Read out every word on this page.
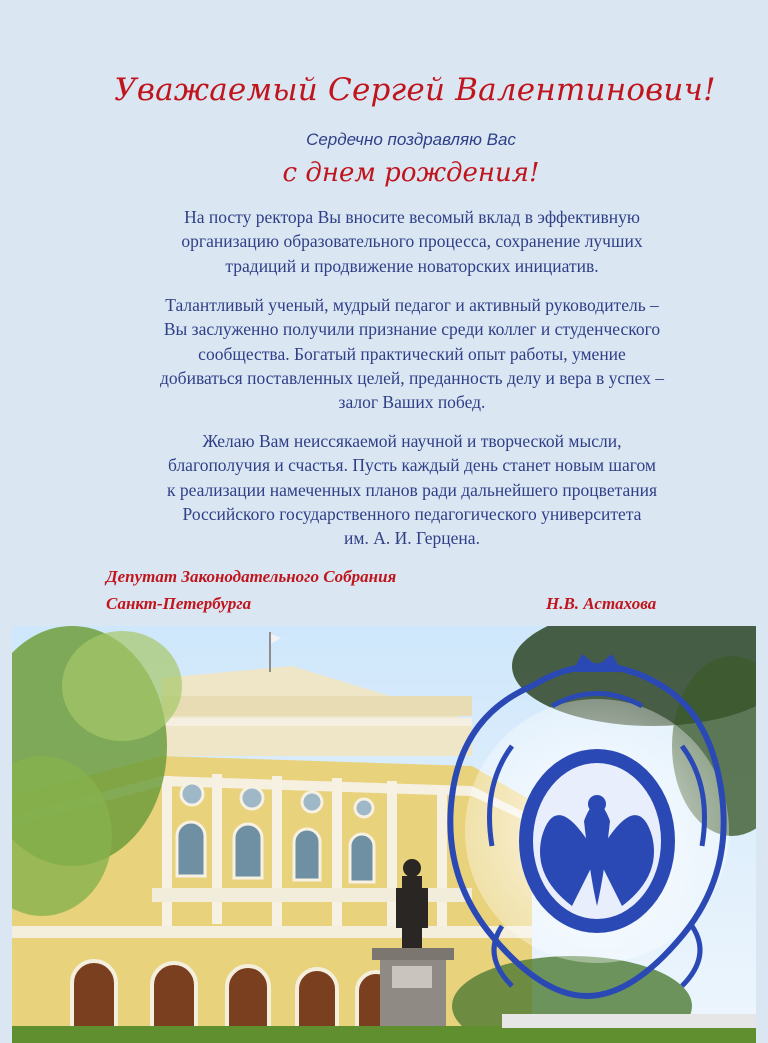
Уважаемый Сергей Валентинович!
Сердечно поздравляю Вас
с днем рождения!

На посту ректора Вы вносите весомый вклад в эффективную
организацию образовательного процесса, сохранение лучших
традиций и продвижение новаторских инициатив.

Талантливый ученый, мудрый педагог и активный руководитель –
Вы заслуженно получили признание среди коллег и студенческого
сообщества. Богатый практический опыт работы, умение
добиваться поставленных целей, преданность делу и вера в успех –
залог Ваших побед.

Желаю Вам неиссякаемой научной и творческой мысли,
благополучия и счастья. Пусть каждый день станет новым шагом
к реализации намеченных планов ради дальнейшего процветания
Российского государственного педагогического университета
им. А. И. Герцена.

Депутат Законодательного Собрания
Санкт-Петербурга	Н.В. Астахова
